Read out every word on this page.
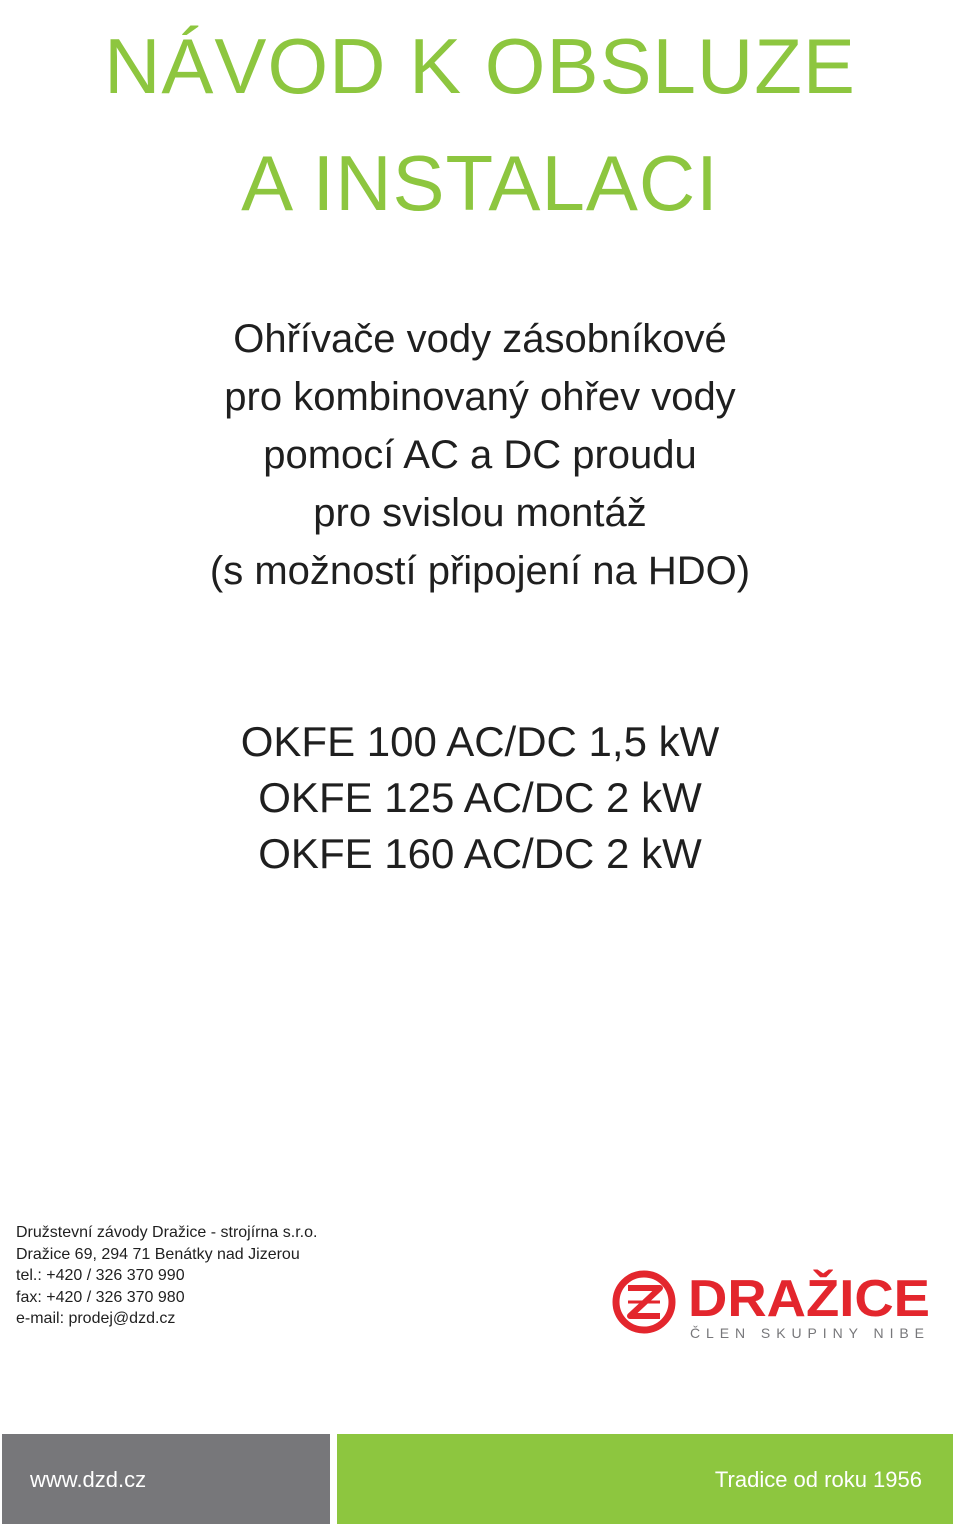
NÁVOD K OBSLUZE
A INSTALACI
Ohřívače vody zásobníkové
pro kombinovaný ohřev vody
pomocí AC a DC proudu
pro svislou montáž
(s možností připojení na HDO)
OKFE 100 AC/DC 1,5 kW
OKFE 125 AC/DC 2 kW
OKFE 160 AC/DC 2 kW
Družstevní závody Dražice - strojírna s.r.o.
Dražice 69, 294 71 Benátky nad Jizerou
tel.: +420 / 326 370 990
fax: +420 / 326 370 980
e-mail: prodej@dzd.cz	DRAŽICE
ČLEN SKUPINY NIBE
www.dzd.cz	Tradice od roku 1956
